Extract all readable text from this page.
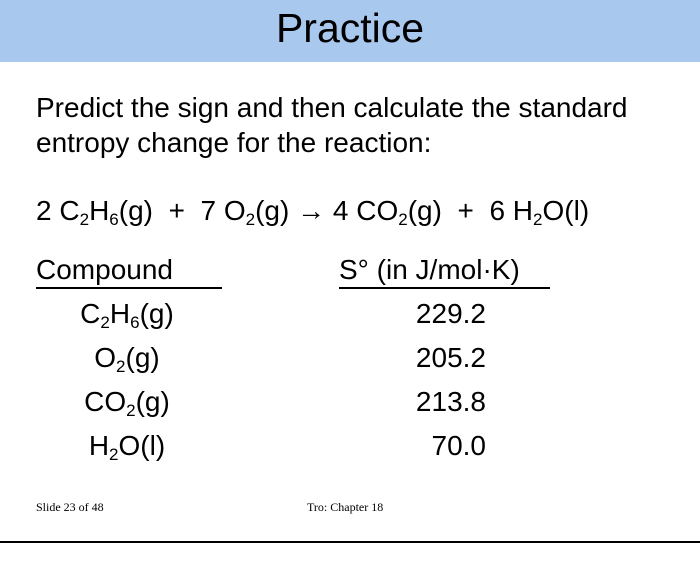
Practice
Predict the sign and then calculate the standard entropy change for the reaction:
2 $C_2H_6(g) + 7$ $O_2(g) \to 4$ $CO_2(g) + 6$ $H_2O(l)$
Compound	S° (in J/mol·K)
$C_2H_6(g)$	229.2
$O_2(g)$	205.2
$CO_2(g)$	213.8
$H_2O(l)$	70.0
Slide 23 of 48	Tro: Chapter 18
